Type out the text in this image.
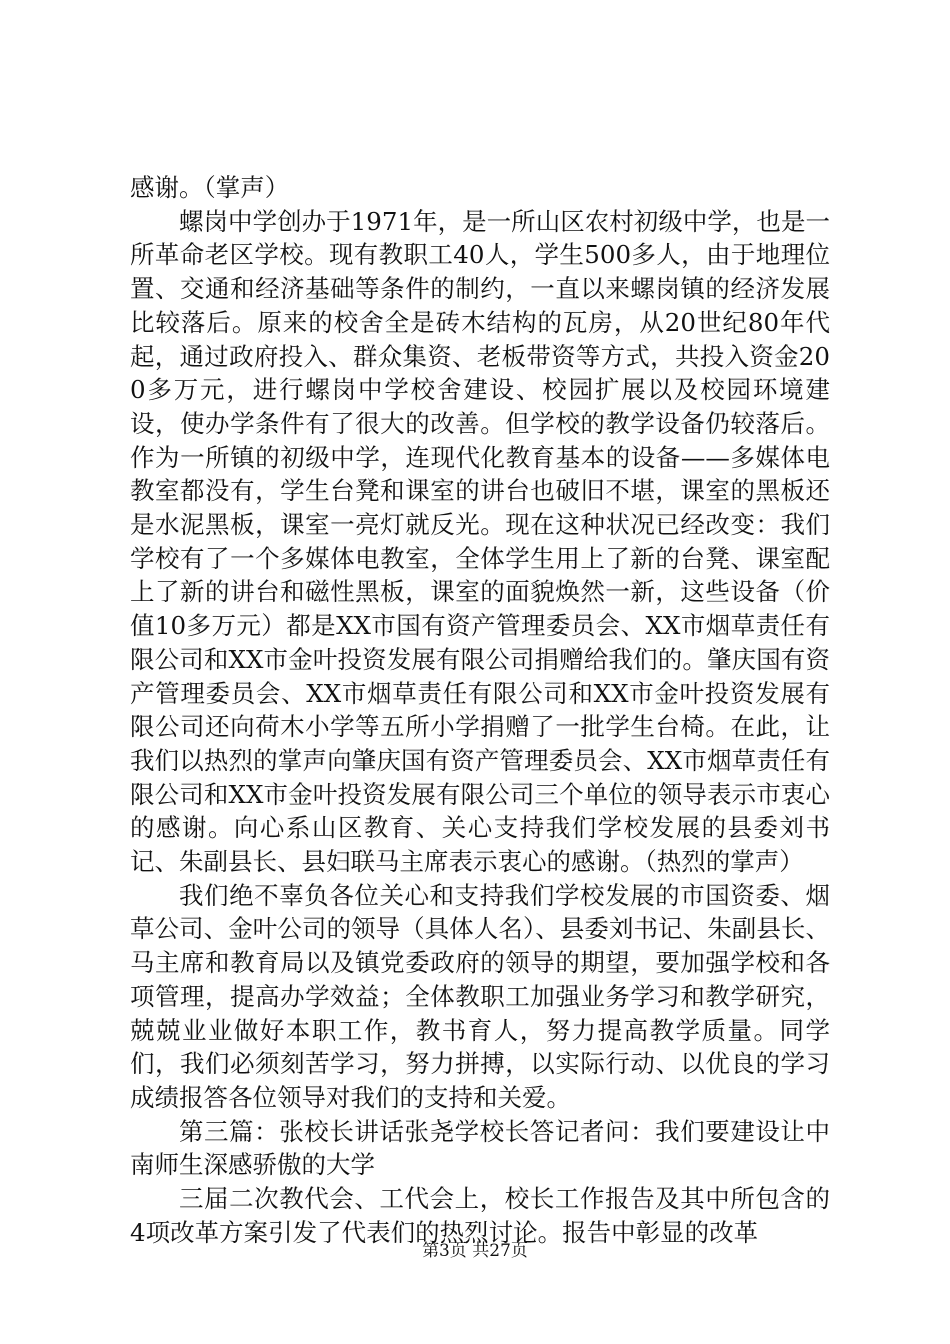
感谢。（掌声）

螺岗中学创办于1971年，是一所山区农村初级中学，也是一所革命老区学校。现有教职工40人，学生500多人，由于地理位置、交通和经济基础等条件的制约，一直以来螺岗镇的经济发展比较落后。原来的校舍全是砖木结构的瓦房，从20世纪80年代起，通过政府投入、群众集资、老板带资等方式，共投入资金200多万元，进行螺岗中学校舍建设、校园扩展以及校园环境建设，使办学条件有了很大的改善。但学校的教学设备仍较落后。作为一所镇的初级中学，连现代化教育基本的设备——多媒体电教室都没有，学生台凳和课室的讲台也破旧不堪，课室的黑板还是水泥黑板，课室一亮灯就反光。现在这种状况已经改变：我们学校有了一个多媒体电教室，全体学生用上了新的台凳、课室配上了新的讲台和磁性黑板，课室的面貌焕然一新，这些设备（价值10多万元）都是XX市国有资产管理委员会、XX市烟草责任有限公司和XX市金叶投资发展有限公司捐赠给我们的。肇庆国有资产管理委员会、XX市烟草责任有限公司和XX市金叶投资发展有限公司还向荷木小学等五所小学捐赠了一批学生台椅。在此，让我们以热烈的掌声向肇庆国有资产管理委员会、XX市烟草责任有限公司和XX市金叶投资发展有限公司三个单位的领导表示市衷心的感谢。向心系山区教育、关心支持我们学校发展的县委刘书记、朱副县长、县妇联马主席表示衷心的感谢。（热烈的掌声）

我们绝不辜负各位关心和支持我们学校发展的市国资委、烟草公司、金叶公司的领导（具体人名）、县委刘书记、朱副县长、马主席和教育局以及镇党委政府的领导的期望，要加强学校和各项管理，提高办学效益；全体教职工加强业务学习和教学研究，兢兢业业做好本职工作，教书育人，努力提高教学质量。同学们，我们必须刻苦学习，努力拼搏，以实际行动、以优良的学习成绩报答各位领导对我们的支持和关爱。

第三篇：张校长讲话张尧学校长答记者问：我们要建设让中南师生深感骄傲的大学

三届二次教代会、工代会上，校长工作报告及其中所包含的4项改革方案引发了代表们的热烈讨论。报告中彰显的改革

第3页 共27页
